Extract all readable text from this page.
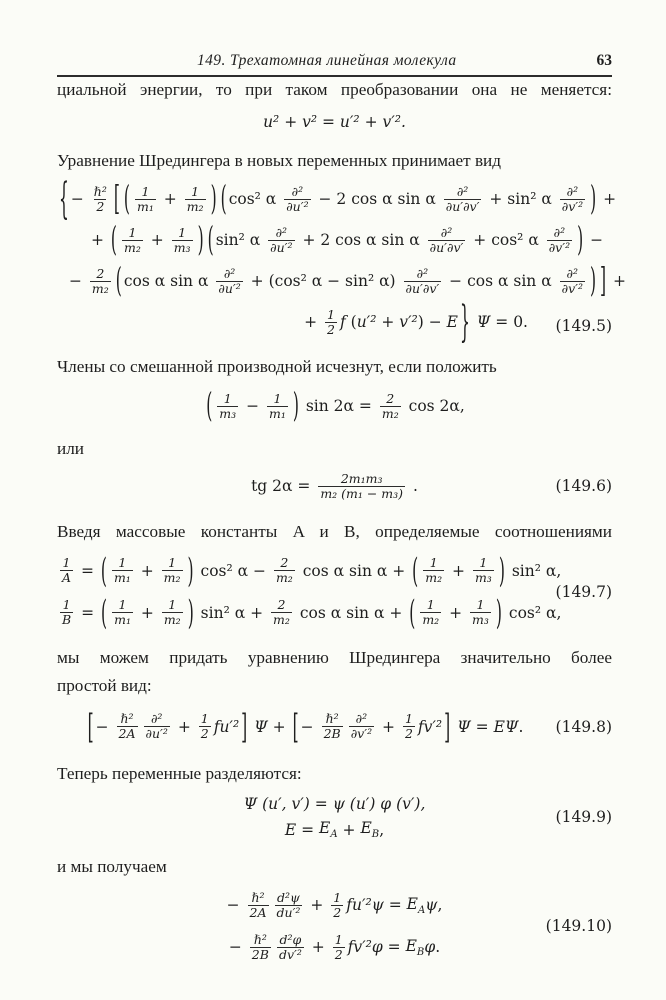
149. Трехатомная линейная молекула	63

циальной энергии, то при таком преобразовании она не меняется:

u² + v² = u′² + v′².

Уравнение Шредингера в новых переменных принимает вид

{ − ℏ²
2 [ ( $\frac{1}{\text{m₁}} + \frac{1}{\text{m₂}}$ ) ( cos² α ∂²
∂u′² − 2 cos α sin α ∂²
∂u′∂v′ + sin² α ∂²
∂v′² ) +
+ ( $\frac{1}{\text{m₂}} + \frac{1}{\text{m₃}}$ ) ( sin² α ∂²
∂u′² + 2 cos α sin α ∂²
∂u′∂v′ + cos² α ∂²
∂v′² ) −
− $\frac{2}{\text{m₂}}$ ( cos α sin α ∂²
∂u′² + (cos² α − sin² α) ∂²
∂u′∂v′ − cos α sin α ∂²
∂v′² ) ] +
+ $\frac{1}{2}$ f ( u′² + v′² ) − E } Ψ = 0. (149.5)

Члены со смешанной производной исчезнут, если положить

( $\frac{1}{\text{m₃}} - \frac{1}{\text{m₁}}$ ) $\sin 2\alpha = \frac{2}{\text{m₂}}$ cos 2α,

или

tg $2\alpha = \frac{\text{2m₁m₃}}{\text{m₂ (m₁ − m₃)}}$ .	(149.6)

Введя массовые константы A и B, определяемые соотношениями

$\frac{1}{A}$ = ( $\frac{1}{\text{m₁}} + \frac{1}{\text{m₂}}$ ) cos² $\alpha - \frac{2}{\text{m₂}}$ cos α sin α + ( $\frac{1}{\text{m₂}} + \frac{1}{\text{m₃}}$ ) sin² α,
$\frac{1}{B}$ = ( $\frac{1}{\text{m₁}} + \frac{1}{\text{m₂}}$ ) sin² $\alpha + \frac{2}{\text{m₂}}$ cos α sin α + ( $\frac{1}{\text{m₂}} + \frac{1}{\text{m₃}}$ ) cos² α,
(149.7)

мы можем придать уравнению Шредингера значительно более

простой вид:

[ − ℏ²
2A
∂²
$\partial u'^2 + \frac{1}{2} fu'^2$ ] Ψ + [ − ℏ²
2B
∂²
$\partial v'^2 + \frac{1}{2} fv'^2$ ] Ψ = EΨ . (149.8)

Теперь переменные разделяются:

Ψ (u′, v′) = ψ (u′) φ (v′),
$E = E_A + E_B$ ,
(149.9)

и мы получаем

− ℏ²
$2A \frac{\text{d²ψ}}{\text{du′²}} + \frac{1}{2} fu'^2\psi = E_A$ ψ ,
− ℏ²
$2B \frac{\text{d²φ}}{\text{dv′²}} + \frac{1}{2} fv'^2\varphi = E_B$ φ .
(149.10)
